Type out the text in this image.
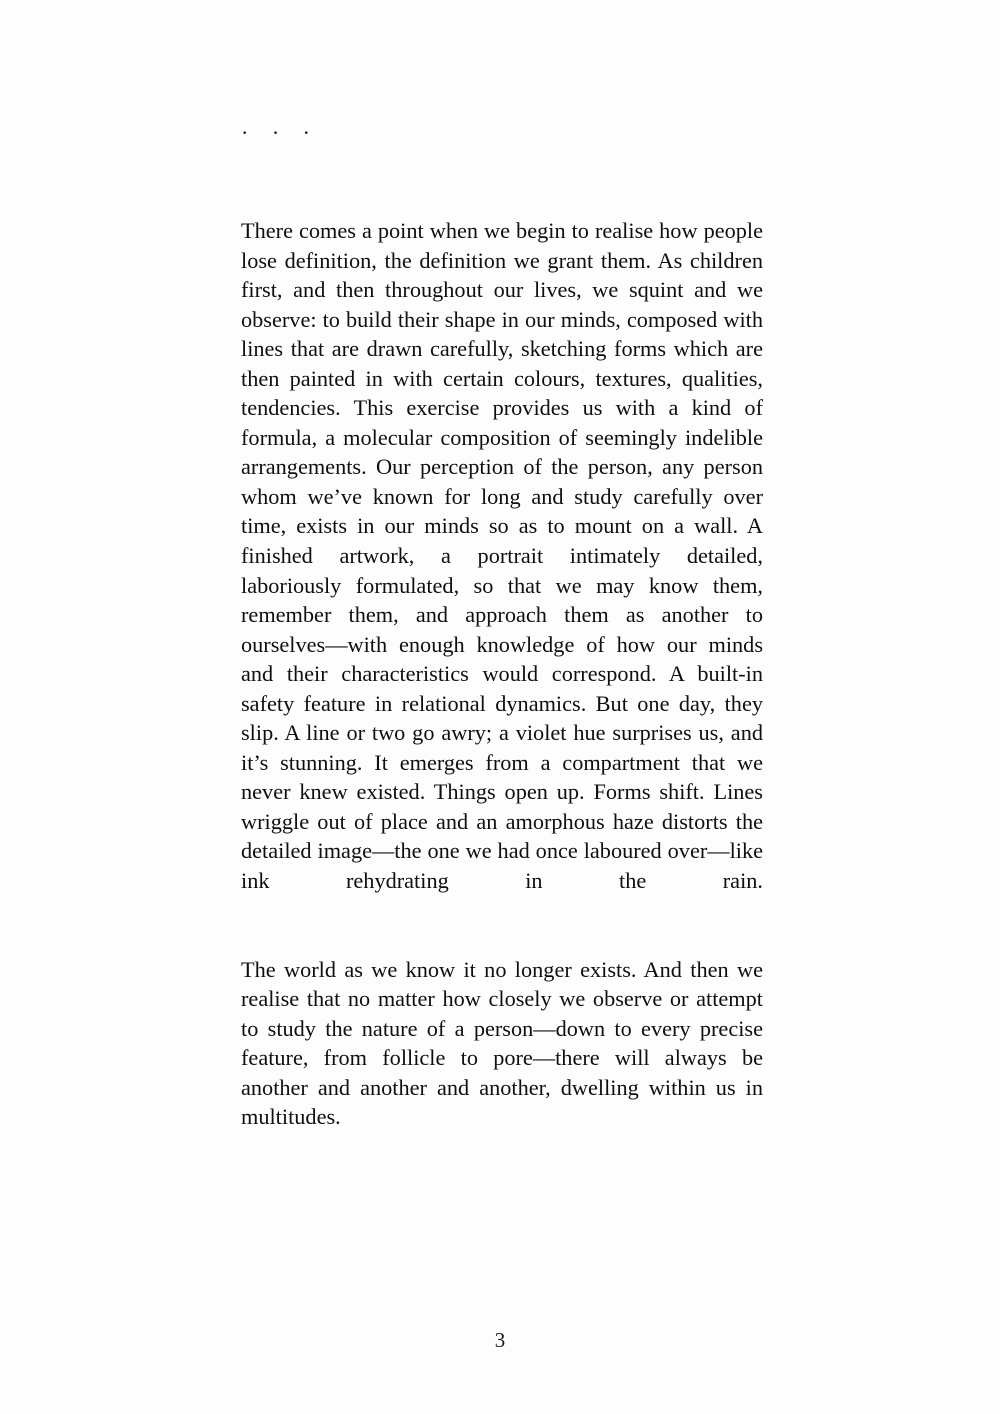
· · ·

There comes a point when we begin to realise how people lose definition, the definition we grant them. As children first, and then throughout our lives, we squint and we observe: to build their shape in our minds, composed with lines that are drawn carefully, sketching forms which are then painted in with certain colours, textures, qualities, tendencies. This exercise provides us with a kind of formula, a molecular composition of seemingly indelible arrangements. Our perception of the person, any person whom we’ve known for long and study carefully over time, exists in our minds so as to mount on a wall. A finished artwork, a portrait intimately detailed, laboriously formulated, so that we may know them, remember them, and approach them as another to ourselves—with enough knowledge of how our minds and their characteristics would correspond. A built-in safety feature in relational dynamics. But one day, they slip. A line or two go awry; a violet hue surprises us, and it’s stunning. It emerges from a compartment that we never knew existed. Things open up. Forms shift. Lines wriggle out of place and an amorphous haze distorts the detailed image—the one we had once laboured over—like ink rehydrating in the rain.

The world as we know it no longer exists. And then we realise that no matter how closely we observe or attempt to study the nature of a person—down to every precise feature, from follicle to pore—there will always be another and another and another, dwelling within us in multitudes.

3
